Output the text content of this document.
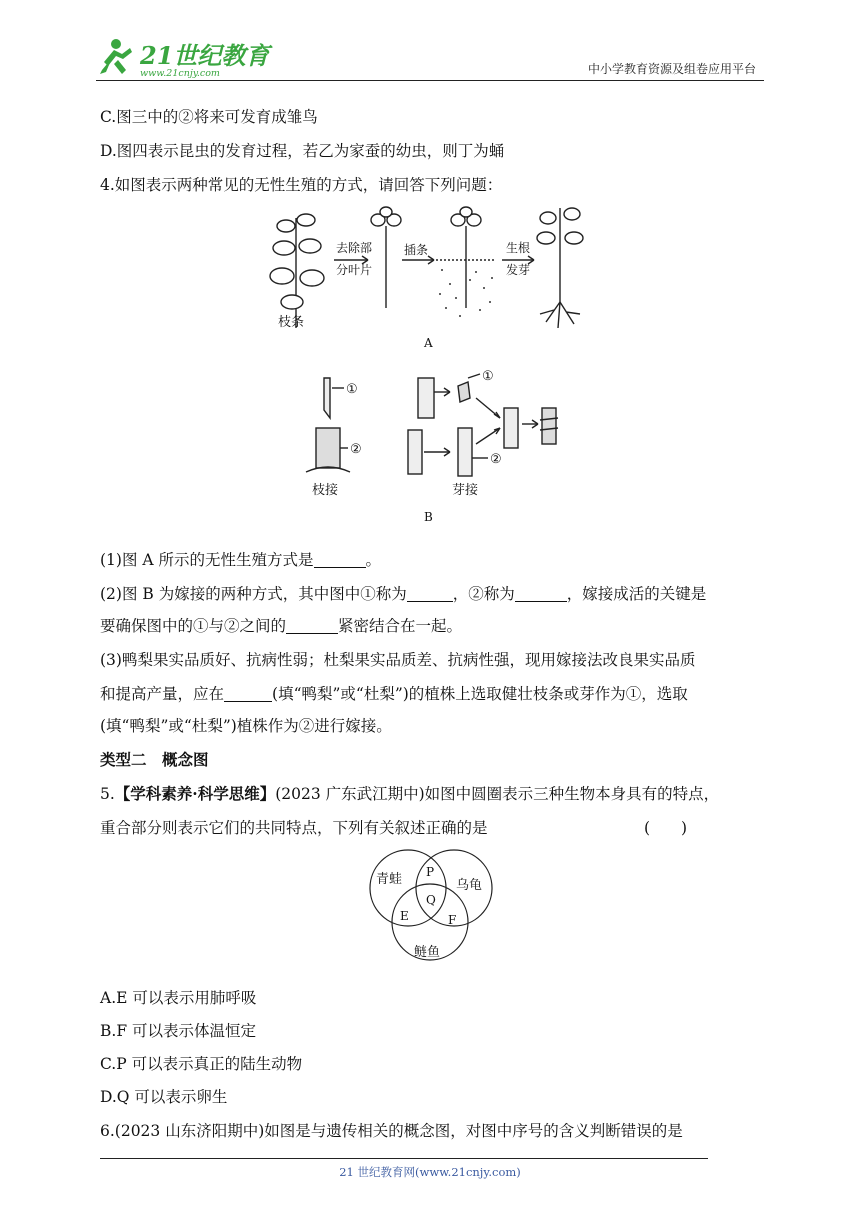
21世纪教育
www.21cnjy.com	中小学教育资源及组卷应用平台
C.图三中的②将来可发育成雏鸟
D.图四表示昆虫的发育过程，若乙为家蚕的幼虫，则丁为蛹
4.如图表示两种常见的无性生殖的方式，请回答下列问题：
枝条
去除部
分叶片
插条	生根
发芽
A
①
②
①
②
枝接	芽接
B
(1)图 A 所示的无性生殖方式是	。
(2)图 B 为嫁接的两种方式，其中图中①称为	，②称为	，嫁接成活的关键是
要确保图中的①与②之间的	紧密结合在一起。
(3)鸭梨果实品质好、抗病性弱；杜梨果实品质差、抗病性强，现用嫁接法改良果实品质
和提高产量，应在	(填“鸭梨”或“杜梨”)的植株上选取健壮枝条或芽作为①，选取
(填“鸭梨”或“杜梨”)植株作为②进行嫁接。
类型二　概念图
5.【学科素养·科学思维】(2023 广东武江期中)如图中圆圈表示三种生物本身具有的特点，
重合部分则表示它们的共同特点，下列有关叙述正确的是	(　　)
青蛙	乌龟
鲢鱼
P
Q
E	F
A.E 可以表示用肺呼吸
B.F 可以表示体温恒定
C.P 可以表示真正的陆生动物
D.Q 可以表示卵生
6.(2023 山东济阳期中)如图是与遗传相关的概念图，对图中序号的含义判断错误的是
21 世纪教育网(www.21cnjy.com)
